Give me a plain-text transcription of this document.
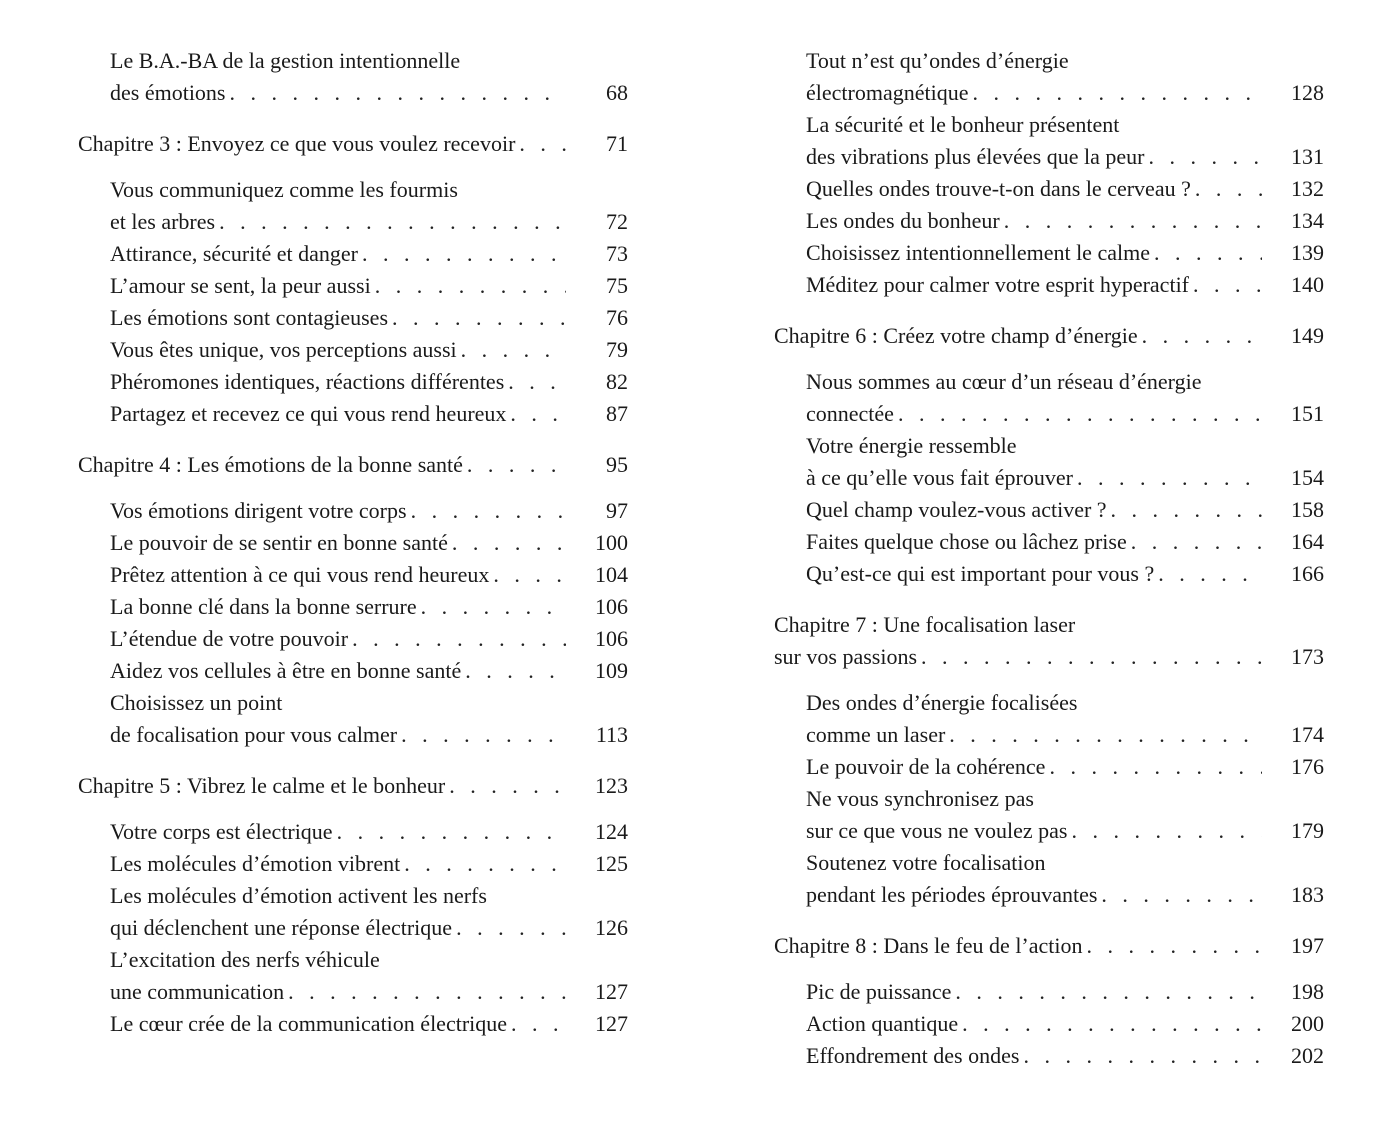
Le B.A.-BA de la gestion intentionnelle
des émotions . . .	68
Chapitre 3 : Envoyez ce que vous voulez recevoir . . .	71
Vous communiquez comme les fourmis
et les arbres . . .	72
Attirance, sécurité et danger . . .	73
L’amour se sent, la peur aussi . . .	75
Les émotions sont contagieuses . . .	76
Vous êtes unique, vos perceptions aussi . . .	79
Phéromones identiques, réactions différentes . . .	82
Partagez et recevez ce qui vous rend heureux . . .	87
Chapitre 4 : Les émotions de la bonne santé . . .	95
Vos émotions dirigent votre corps . . .	97
Le pouvoir de se sentir en bonne santé . . .	100
Prêtez attention à ce qui vous rend heureux . . .	104
La bonne clé dans la bonne serrure . . .	106
L’étendue de votre pouvoir . . .	106
Aidez vos cellules à être en bonne santé . . .	109
Choisissez un point
de focalisation pour vous calmer . . .	113
Chapitre 5 : Vibrez le calme et le bonheur . . .	123
Votre corps est électrique . . .	124
Les molécules d’émotion vibrent . . .	125
Les molécules d’émotion activent les nerfs
qui déclenchent une réponse électrique . . .	126
L’excitation des nerfs véhicule
une communication . . .	127
Le cœur crée de la communication électrique . . .	127
Tout n’est qu’ondes d’énergie
électromagnétique . . .	128
La sécurité et le bonheur présentent
des vibrations plus élevées que la peur . . .	131
Quelles ondes trouve-t-on dans le cerveau ? . . .	132
Les ondes du bonheur . . .	134
Choisissez intentionnellement le calme . . .	139
Méditez pour calmer votre esprit hyperactif . . .	140
Chapitre 6 : Créez votre champ d’énergie . . .	149
Nous sommes au cœur d’un réseau d’énergie
connectée . . .	151
Votre énergie ressemble
à ce qu’elle vous fait éprouver . . .	154
Quel champ voulez-vous activer ? . . .	158
Faites quelque chose ou lâchez prise . . .	164
Qu’est-ce qui est important pour vous ? . . .	166
Chapitre 7 : Une focalisation laser
sur vos passions . . .	173
Des ondes d’énergie focalisées
comme un laser . . .	174
Le pouvoir de la cohérence . . .	176
Ne vous synchronisez pas
sur ce que vous ne voulez pas . . .	179
Soutenez votre focalisation
pendant les périodes éprouvantes . . .	183
Chapitre 8 : Dans le feu de l’action . . .	197
Pic de puissance . . .	198
Action quantique . . .	200
Effondrement des ondes . . .	202
